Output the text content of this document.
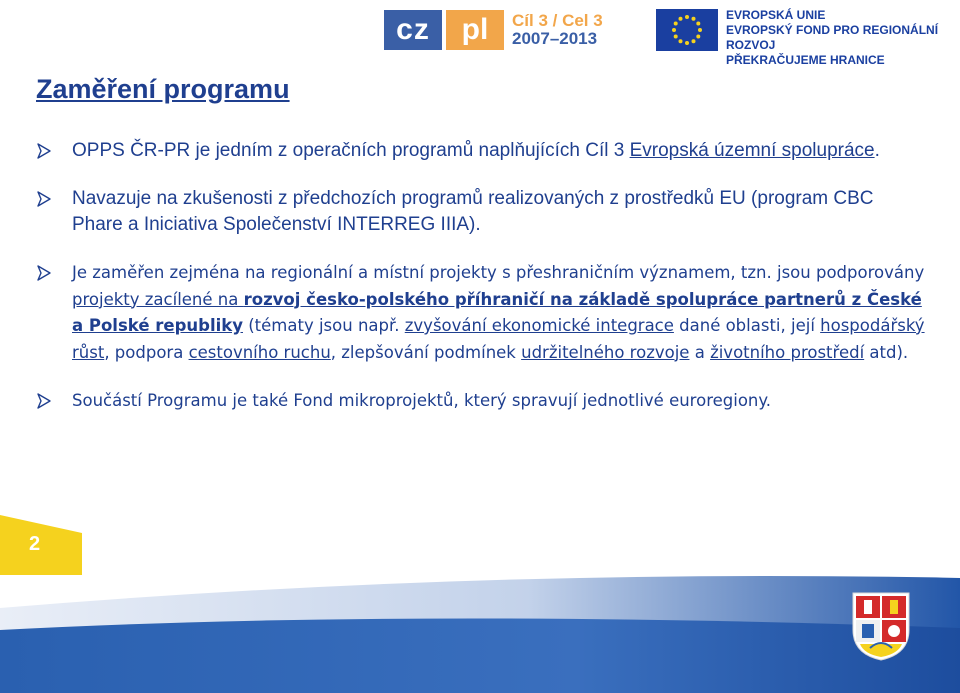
cz	pl	Cíl 3 / Cel 3
2007–2013
EVROPSKÁ UNIE
EVROPSKÝ FOND PRO REGIONÁLNÍ ROZVOJ
PŘEKRAČUJEME HRANICE
Zaměření programu
OPPS ČR-PR je jedním z operačních programů naplňujících Cíl 3 Evropská územní spolupráce.
Navazuje na zkušenosti z předchozích programů realizovaných z prostředků EU (program CBC Phare a Iniciativa Společenství INTERREG IIIA).
Je zaměřen zejména na regionální a místní projekty s přeshraničním významem, tzn. jsou podporovány projekty zacílené na rozvoj česko-polského příhraničí na základě spolupráce partnerů z České a Polské republiky (tématy jsou např. zvyšování ekonomické integrace dané oblasti, její hospodářský růst, podpora cestovního ruchu, zlepšování podmínek udržitelného rozvoje a životního prostředí atd).
Součástí Programu je také Fond mikroprojektů, který spravují jednotlivé euroregiony.
2
